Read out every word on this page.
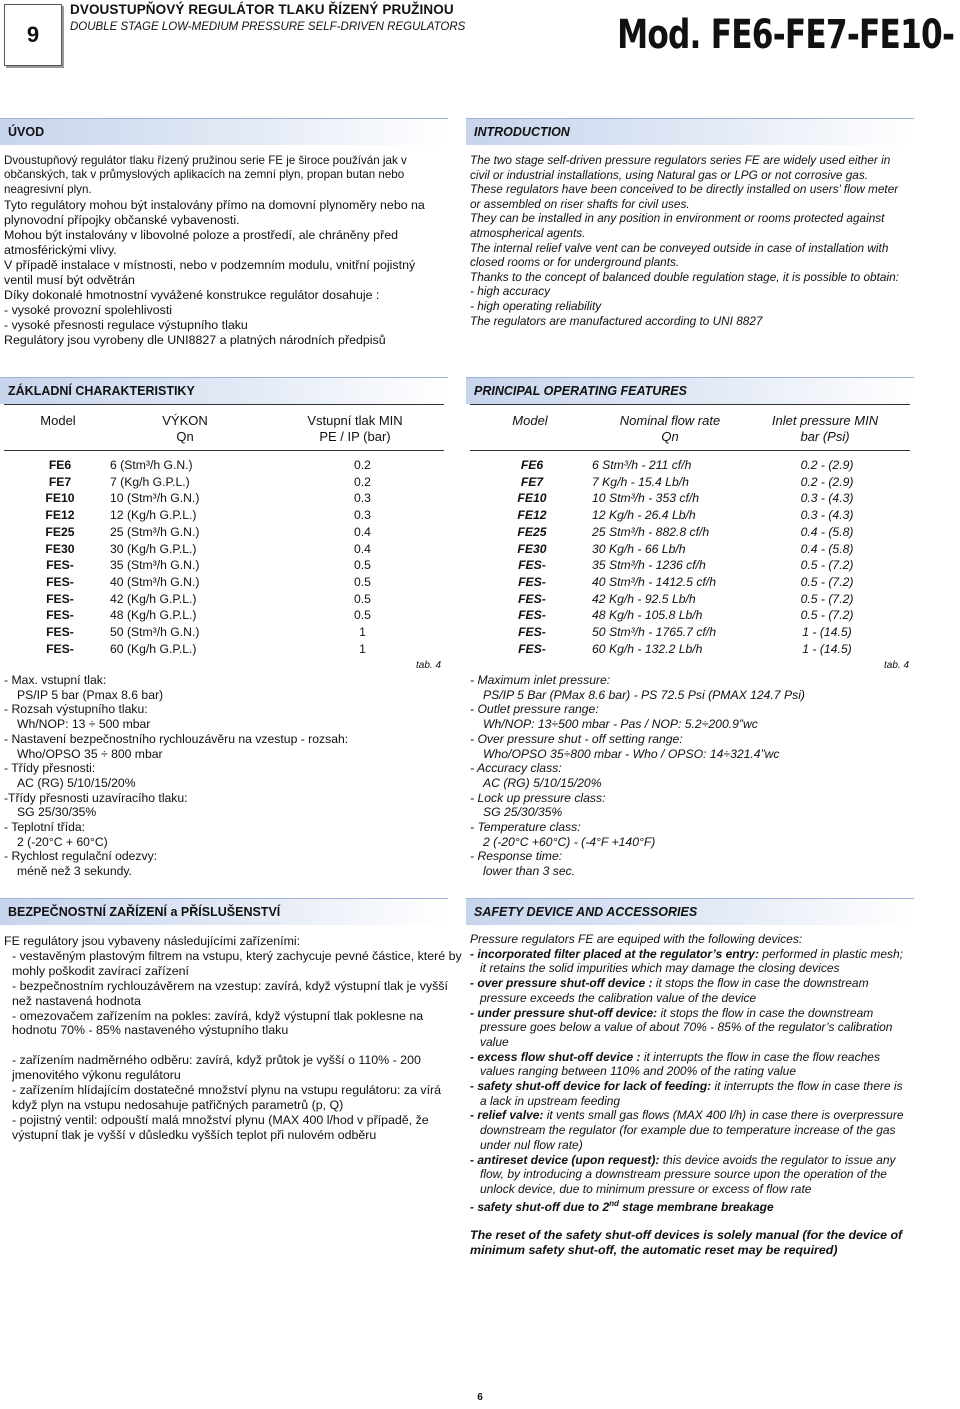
9
DVOUSTUPŇOVÝ REGULÁTOR TLAKU ŘÍZENÝ PRUŽINOU
DOUBLE STAGE LOW-MEDIUM PRESSURE SELF-DRIVEN REGULATORS	Mod. FE6-FE7-FE10-
ÚVOD

Dvoustupňový regulátor tlaku řízený pružinou serie FE je široce používán jak v občanských, tak v průmyslových aplikacích na zemní plyn, propan butan nebo neagresivní plyn.

Tyto regulátory mohou být instalovány přímo na domovní plynoměry nebo na plynovodní přípojky občanské vybavenosti.

Mohou být instalovány v libovolné poloze a prostředí, ale chráněny před atmosférickými vlivy.

V případě instalace v místnosti, nebo v podzemním modulu, vnitřní pojistný ventil musí být odvětrán

Díky dokonalé hmotnostní vyvážené konstrukce regulátor dosahuje :

- vysoké provozní spolehlivosti

- vysoké přesnosti regulace výstupního tlaku

Regulátory jsou vyrobeny dle UNI8827 a platných národních předpisů

INTRODUCTION

The two stage self-driven pressure regulators series FE are widely used either in civil or industrial installations, using Natural gas or LPG or not corrosive gas.

These regulators have been conceived to be directly installed on users’ flow meter or assembled on riser shafts for civil uses.

They can be installed in any position in environment or rooms protected against atmospherical agents.

The internal relief valve vent can be conveyed outside in case of installation with closed rooms or for underground plants.

Thanks to the concept of balanced double regulation stage, it is possible to obtain:

- high accuracy

- high operating reliability

The regulators are manufactured according to UNI 8827

ZÁKLADNÍ CHARAKTERISTIKY
Model	VÝKON
Qn
Vstupní tlak MIN
PE / IP (bar)
FE6	6 (Stm³/h G.N.)	0.2
FE7	7 (Kg/h G.P.L.)	0.2
FE10	10 (Stm³/h G.N.)	0.3
FE12	12 (Kg/h G.P.L.)	0.3
FE25	25 (Stm³/h G.N.)	0.4
FE30	30 (Kg/h G.P.L.)	0.4
FES-	35 (Stm³/h G.N.)	0.5
FES-	40 (Stm³/h G.N.)	0.5
FES-	42 (Kg/h G.P.L.)	0.5
FES-	48 (Kg/h G.P.L.)	0.5
FES-	50 (Stm³/h G.N.)	1
FES-	60 (Kg/h G.P.L.)	1
tab. 4

- Max. vstupní tlak:

PS/IP 5 bar (Pmax 8.6 bar)

- Rozsah výstupního tlaku:

Wh/NOP: 13 ÷ 500 mbar

- Nastavení bezpečnostního rychlouzávěru na vzestup - rozsah:

Who/OPSO 35 ÷ 800 mbar

- Třídy přesnosti:

AC (RG) 5/10/15/20%

-Třídy přesnosti uzavíracího tlaku:

SG 25/30/35%

- Teplotní třída:

2 (-20°C + 60°C)

- Rychlost regulační odezvy:

méně než 3 sekundy.

PRINCIPAL OPERATING FEATURES
Model	Nominal flow rate
Qn
Inlet pressure MIN
bar (Psi)
FE6	6 Stm³/h - 211 cf/h	0.2 - (2.9)
FE7	7 Kg/h - 15.4 Lb/h	0.2 - (2.9)
FE10	10 Stm³/h - 353 cf/h	0.3 - (4.3)
FE12	12 Kg/h - 26.4 Lb/h	0.3 - (4.3)
FE25	25 Stm³/h - 882.8 cf/h	0.4 - (5.8)
FE30	30 Kg/h - 66 Lb/h	0.4 - (5.8)
FES-	35 Stm³/h - 1236 cf/h	0.5 - (7.2)
FES-	40 Stm³/h - 1412.5 cf/h	0.5 - (7.2)
FES-	42 Kg/h - 92.5 Lb/h	0.5 - (7.2)
FES-	48 Kg/h - 105.8 Lb/h	0.5 - (7.2)
FES-	50 Stm³/h - 1765.7 cf/h	1 - (14.5)
FES-	60 Kg/h - 132.2 Lb/h	1 - (14.5)
tab. 4

- Maximum inlet pressure:

PS/IP 5 Bar (PMax 8.6 bar) - PS 72.5 Psi (PMAX 124.7 Psi)

- Outlet pressure range:

Wh/NOP: 13÷500 mbar - Pas / NOP: 5.2÷200.9”wc

- Over pressure shut - off setting range:

Who/OPSO 35÷800 mbar - Who / OPSO: 14÷321.4”wc

- Accuracy class:

AC (RG) 5/10/15/20%

- Lock up pressure class:

SG 25/30/35%

- Temperature class:

2 (-20°C +60°C) - (-4°F +140°F)

- Response time:

lower than 3 sec.

BEZPEČNOSTNÍ ZAŘÍZENÍ a PŘÍSLUŠENSTVÍ

FE regulátory jsou vybaveny následujícími zařízeními:

- vestavěným plastovým filtrem na vstupu, který zachycuje pevné částice, které by mohly poškodit zavírací zařízení

- bezpečnostním rychlouzávěrem na vzestup: zavírá, když výstupní tlak je vyšší než nastavená hodnota

- omezovačem zařízením na pokles: zavírá, když výstupní tlak poklesne na hodnotu 70% - 85% nastaveného výstupního tlaku

- zařízením nadměrného odběru: zavírá, když průtok je vyšší o 110% - 200 jmenovitého výkonu regulátoru

- zařízením hlídajícím dostatečné množství plynu na vstupu regulátoru: za vírá když plyn na vstupu nedosahuje patřičných parametrů (p, Q)

- pojistný ventil: odpouští malá množství plynu (MAX 400 l/hod v případě, že výstupní tlak je vyšší v důsledku vyšších teplot při nulovém odběru

SAFETY DEVICE AND ACCESSORIES

Pressure regulators FE are equiped with the following devices:

- incorporated filter placed at the regulator’s entry: performed in plastic mesh; it retains the solid impurities which may damage the closing devices

- over pressure shut-off device : it stops the flow in case the downstream pressure exceeds the calibration value of the device

- under pressure shut-off device: it stops the flow in case the downstream pressure goes below a value of about 70% - 85% of the regulator’s calibration value

- excess flow shut-off device : it interrupts the flow in case the flow reaches values ranging between 110% and 200% of the rating value

- safety shut-off device for lack of feeding: it interrupts the flow in case there is a lack in upstream feeding

- relief valve: it vents small gas flows (MAX 400 l/h) in case there is overpressure downstream the regulator (for example due to temperature increase of the gas under nul flow rate)

- antireset device (upon request): this device avoids the regulator to issue any flow, by introducing a downstream pressure source upon the operation of the unlock device, due to minimum pressure or excess of flow rate

- safety shut-off due to 2nd stage membrane breakage

The reset of the safety shut-off devices is solely manual (for the device of minimum safety shut-off, the automatic reset may be required)
6
